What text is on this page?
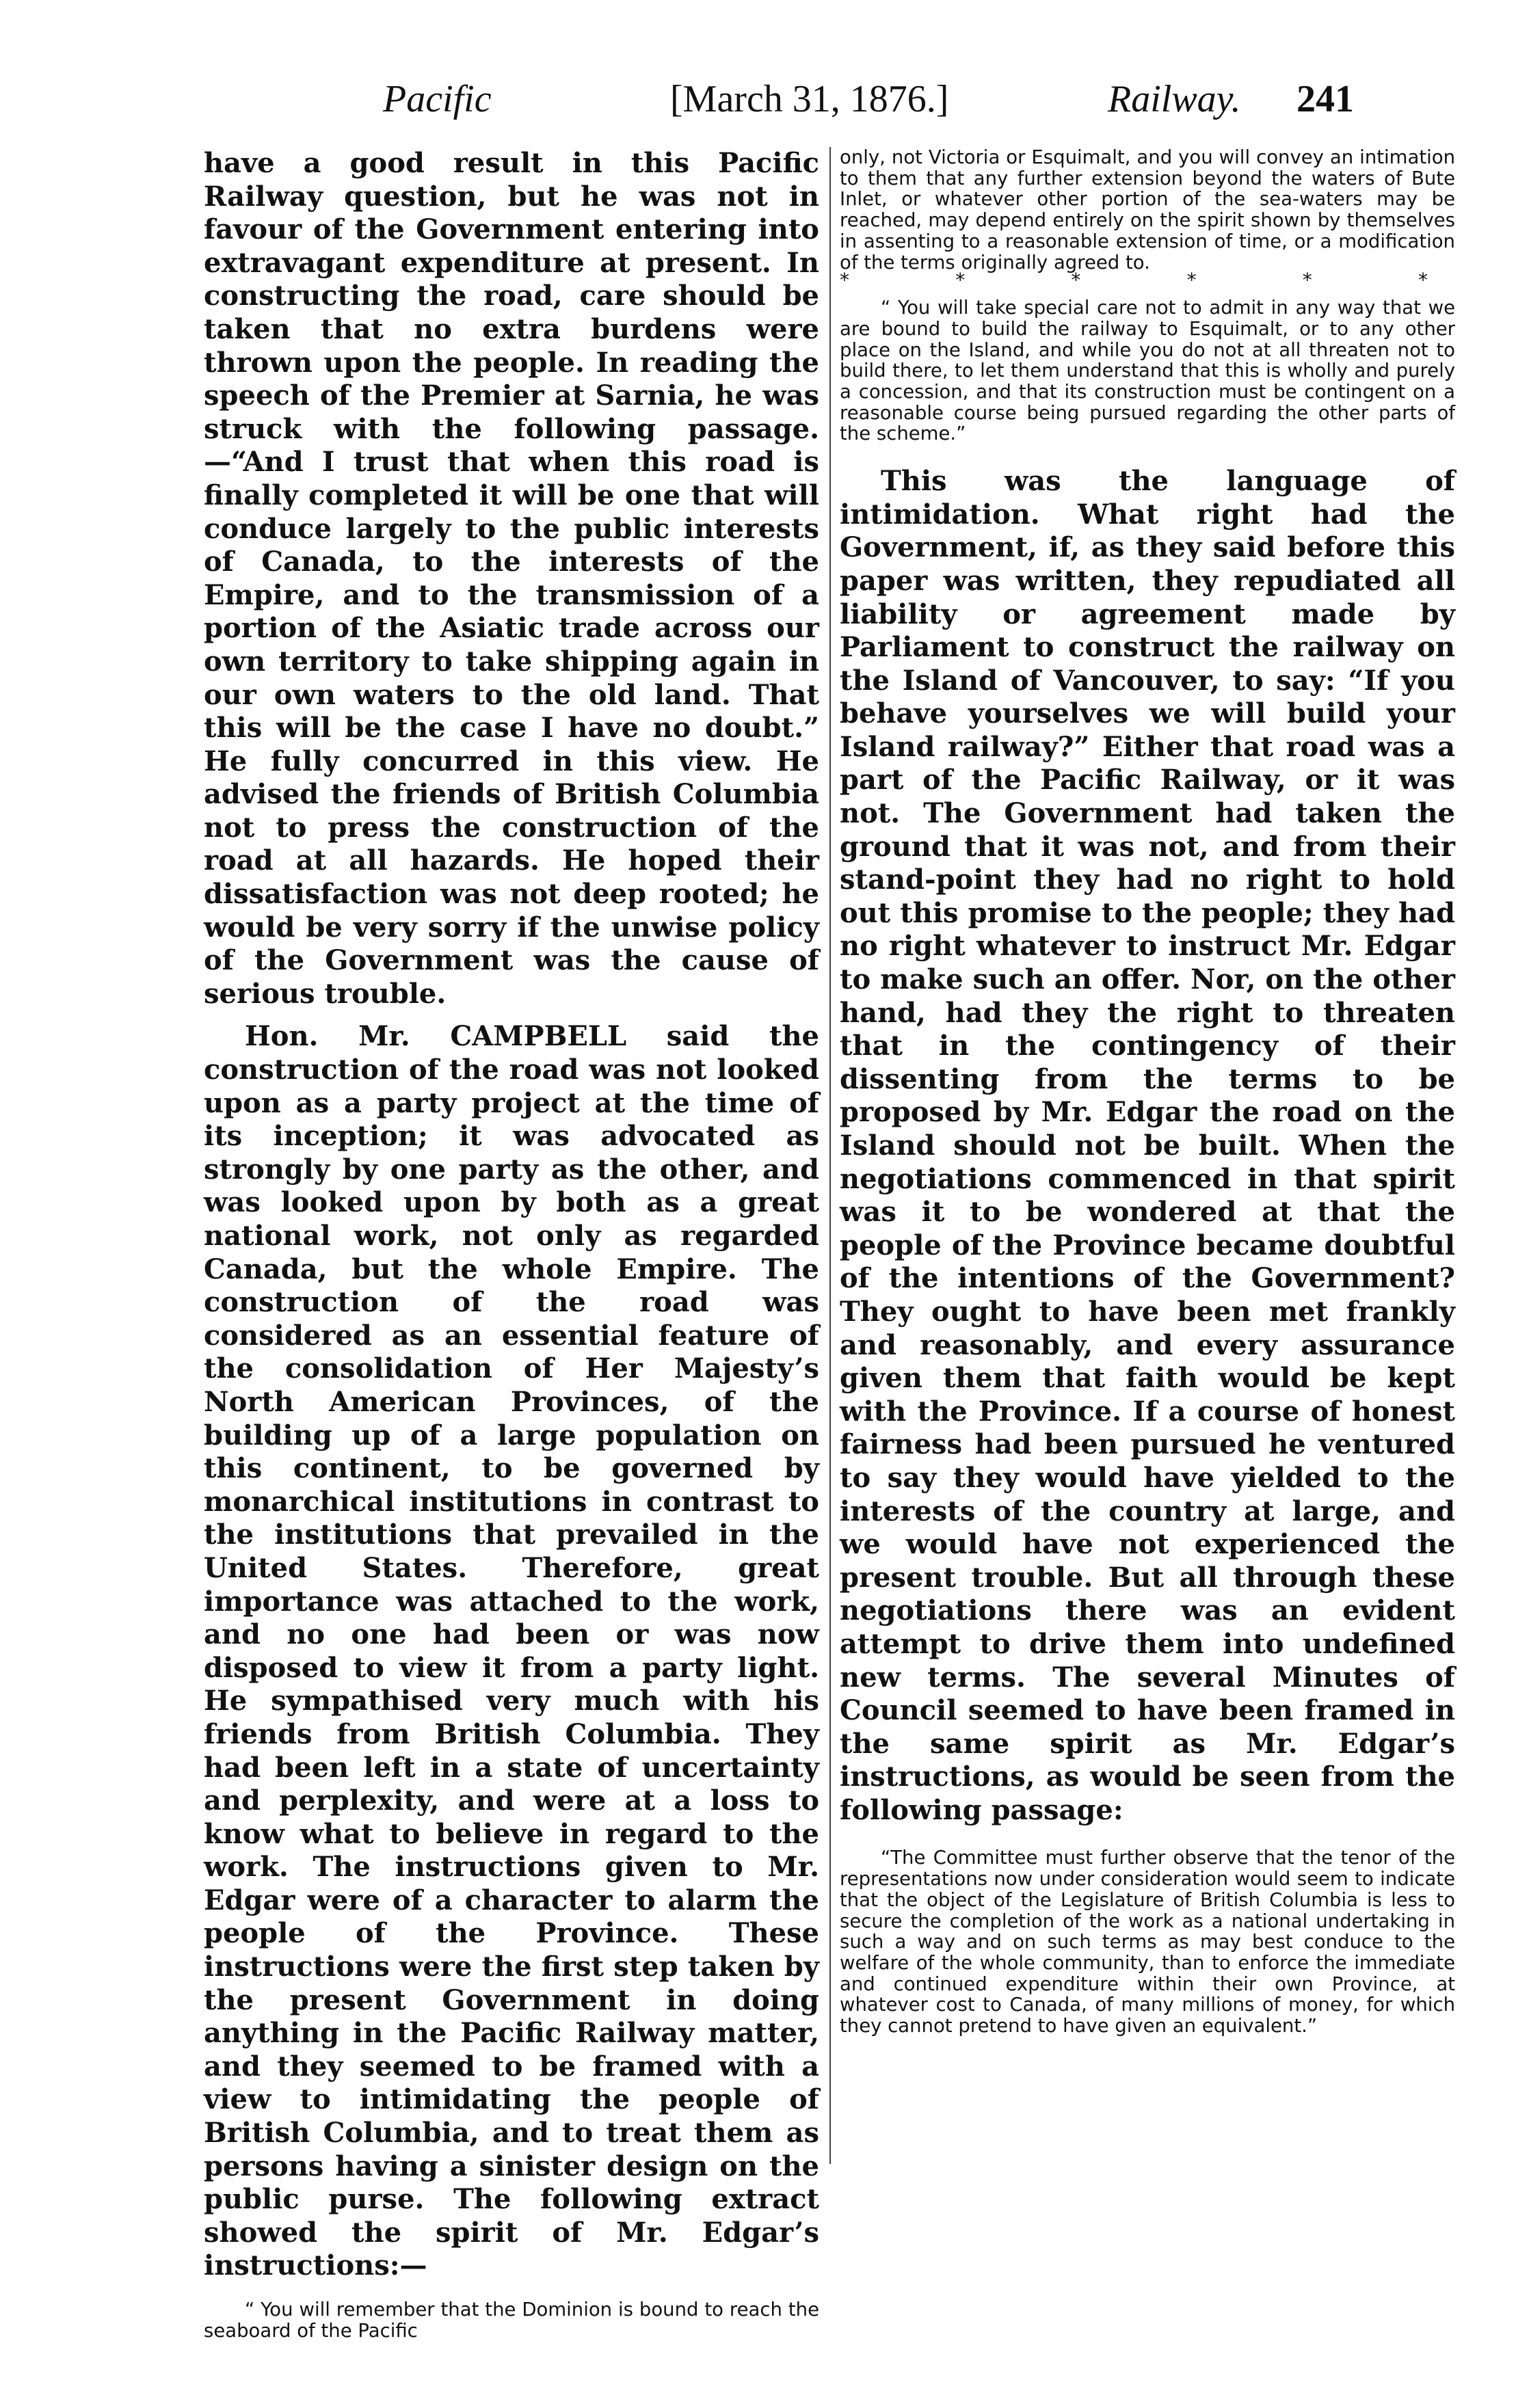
Pacific	[March 31, 1876.]	Railway. 241

have a good result in this Pacific Railway question, but he was not in favour of the Government entering into extravagant expenditure at present. In constructing the road, care should be taken that no extra burdens were thrown upon the people. In reading the speech of the Premier at Sarnia, he was struck with the following passage.—“And I trust that when this road is finally completed it will be one that will conduce largely to the public interests of Canada, to the interests of the Empire, and to the transmission of a portion of the Asiatic trade across our own territory to take shipping again in our own waters to the old land. That this will be the case I have no doubt.” He fully concurred in this view. He advised the friends of British Columbia not to press the construction of the road at all hazards. He hoped their dissatisfaction was not deep rooted; he would be very sorry if the unwise policy of the Government was the cause of serious trouble.

Hon. Mr. CAMPBELL said the construction of the road was not looked upon as a party project at the time of its inception; it was advocated as strongly by one party as the other, and was looked upon by both as a great national work, not only as regarded Canada, but the whole Empire. The construction of the road was considered as an essential feature of the consolidation of Her Majesty’s North American Provinces, of the building up of a large population on this continent, to be governed by monarchical institutions in contrast to the institutions that prevailed in the United States. Therefore, great importance was attached to the work, and no one had been or was now disposed to view it from a party light. He sympathised very much with his friends from British Columbia. They had been left in a state of uncertainty and perplexity, and were at a loss to know what to believe in regard to the work. The instructions given to Mr. Edgar were of a character to alarm the people of the Province. These instructions were the first step taken by the present Government in doing anything in the Pacific Railway matter, and they seemed to be framed with a view to intimidating the people of British Columbia, and to treat them as persons having a sinister design on the public purse. The following extract showed the spirit of Mr. Edgar’s instructions:—

“ You will remember that the Dominion is bound to reach the seaboard of the Pacific

only, not Victoria or Esquimalt, and you will convey an intimation to them that any further extension beyond the waters of Bute Inlet, or whatever other portion of the sea-waters may be reached, may depend entirely on the spirit shown by themselves in assenting to a reasonable extension of time, or a modification of the terms originally agreed to.

*	*	*	*	*	*

“ You will take special care not to admit in any way that we are bound to build the railway to Esquimalt, or to any other place on the Island, and while you do not at all threaten not to build there, to let them understand that this is wholly and purely a concession, and that its construction must be contingent on a reasonable course being pursued regarding the other parts of the scheme.”

This was the language of intimidation. What right had the Government, if, as they said before this paper was written, they repudiated all liability or agreement made by Parliament to construct the railway on the Island of Vancouver, to say: “If you behave yourselves we will build your Island railway?” Either that road was a part of the Pacific Railway, or it was not. The Government had taken the ground that it was not, and from their stand-point they had no right to hold out this promise to the people; they had no right whatever to instruct Mr. Edgar to make such an offer. Nor, on the other hand, had they the right to threaten that in the contingency of their dissenting from the terms to be proposed by Mr. Edgar the road on the Island should not be built. When the negotiations commenced in that spirit was it to be wondered at that the people of the Province became doubtful of the intentions of the Government? They ought to have been met frankly and reasonably, and every assurance given them that faith would be kept with the Province. If a course of honest fairness had been pursued he ventured to say they would have yielded to the interests of the country at large, and we would have not experienced the present trouble. But all through these negotiations there was an evident attempt to drive them into undefined new terms. The several Minutes of Council seemed to have been framed in the same spirit as Mr. Edgar’s instructions, as would be seen from the following passage:

“The Committee must further observe that the tenor of the representations now under consideration would seem to indicate that the object of the Legislature of British Columbia is less to secure the completion of the work as a national undertaking in such a way and on such terms as may best conduce to the welfare of the whole community, than to enforce the immediate and continued expenditure within their own Province, at whatever cost to Canada, of many millions of money, for which they cannot pretend to have given an equivalent.”
